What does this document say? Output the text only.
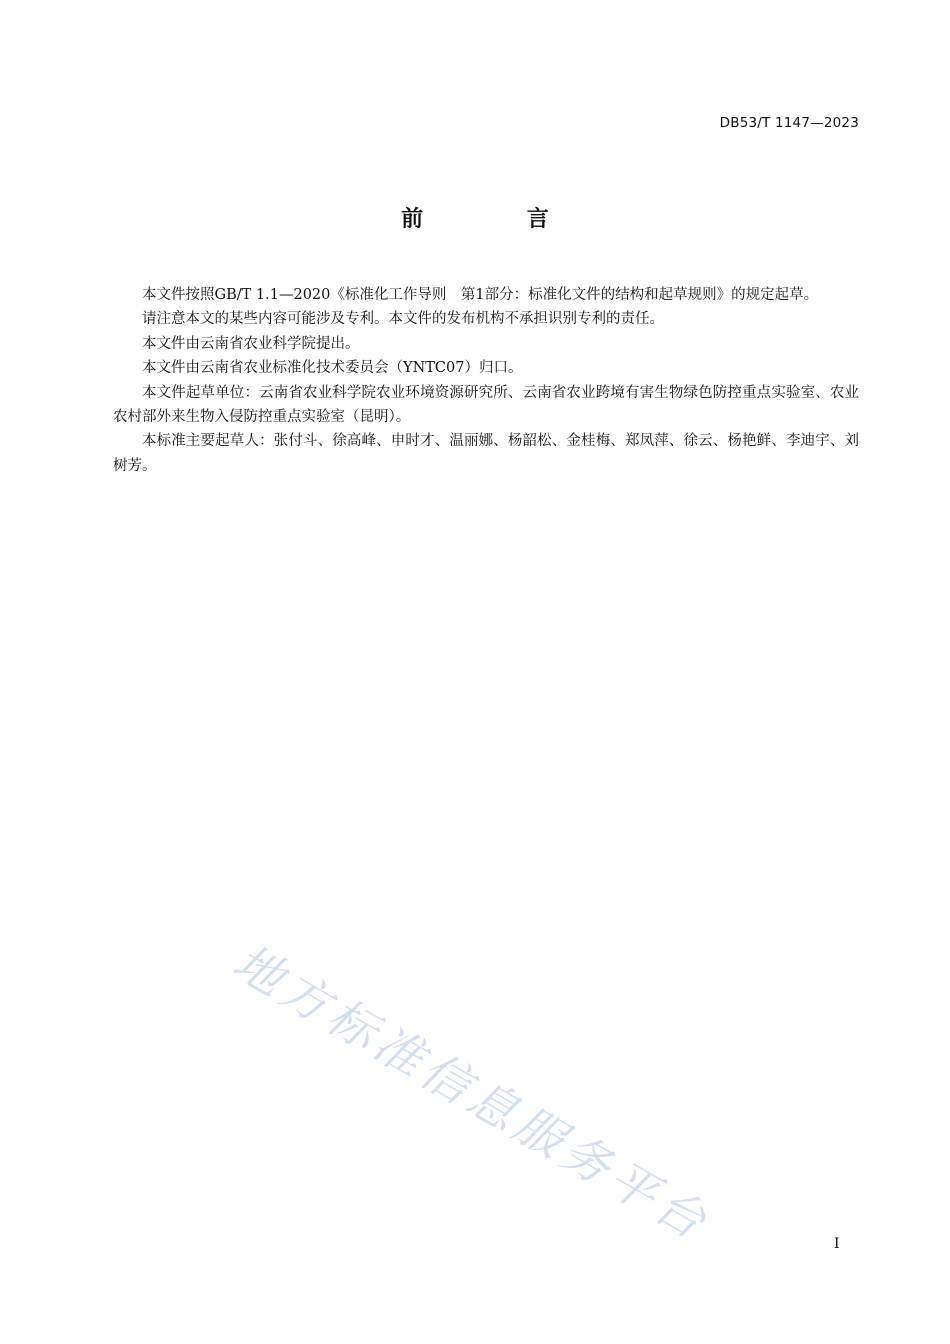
DB53/T 1147—2023
前 言

本文件按照GB/T 1.1—2020《标准化工作导则　第1部分：标准化文件的结构和起草规则》的规定起草。

请注意本文的某些内容可能涉及专利。本文件的发布机构不承担识别专利的责任。

本文件由云南省农业科学院提出。

本文件由云南省农业标准化技术委员会（YNTC07）归口。

本文件起草单位：云南省农业科学院农业环境资源研究所、云南省农业跨境有害生物绿色防控重点实验室、农业农村部外来生物入侵防控重点实验室（昆明）。

本标准主要起草人：张付斗、徐高峰、申时才、温丽娜、杨韶松、金桂梅、郑凤萍、徐云、杨艳鲜、李迪宇、刘树芳。

地方标准信息服务平台	I
